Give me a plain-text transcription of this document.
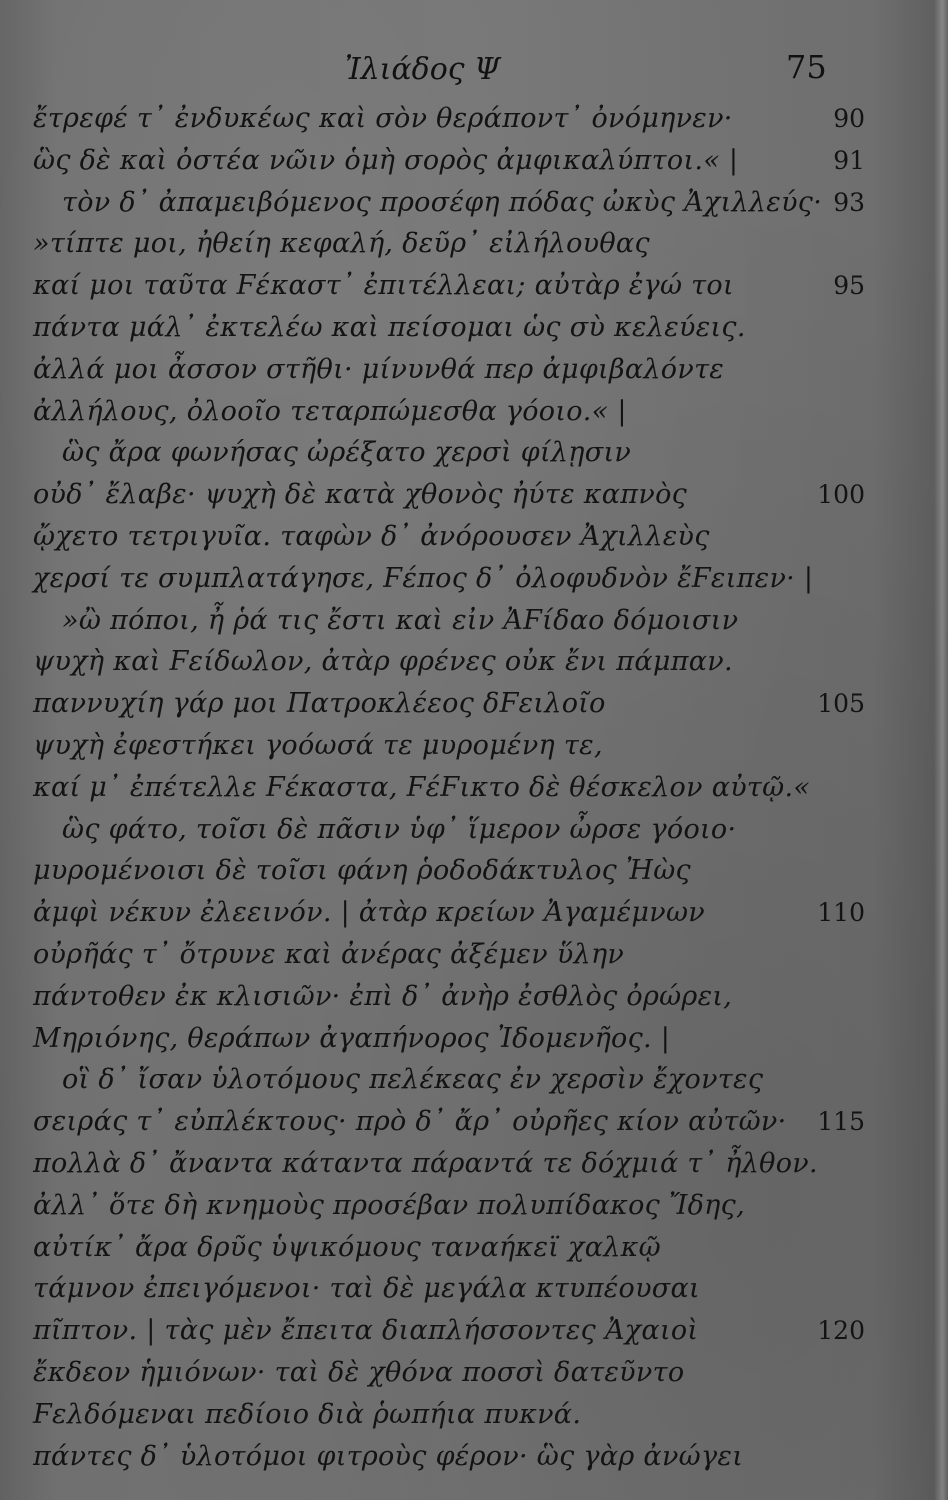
Ἰλιάδος Ψ	75
ἔτρεφέ τ᾽ ἐνδυκέως καὶ σὸν θεράποντ᾽ ὀνόμηνεν·	90
ὣς δὲ καὶ ὀστέα νῶιν ὁμὴ σορὸς ἀμφικαλύπτοι.« |	91
τὸν δ᾽ ἀπαμειβόμενος προσέφη πόδας ὠκὺς Ἀχιλλεύς· 93
»τίπτε μοι, ἠθείη κεφαλή, δεῦρ᾽ εἰλήλουθας
καί μοι ταῦτα Ϝέκαστ᾽ ἐπιτέλλεαι; αὐτὰρ ἐγώ τοι	95
πάντα μάλ᾽ ἐκτελέω καὶ πείσομαι ὡς σὺ κελεύεις.
ἀλλά μοι ἆσσον στῆθι· μίνυνθά περ ἀμφιβαλόντε
ἀλλήλους, ὀλοοῖο τεταρπώμεσθα γόοιο.« |
ὣς ἄρα φωνήσας ὠρέξατο χερσὶ φίλῃσιν
οὐδ᾽ ἔλαβε· ψυχὴ δὲ κατὰ χθονὸς ἠύτε καπνὸς	100
ᾤχετο τετριγυῖα. ταφὼν δ᾽ ἀνόρουσεν Ἀχιλλεὺς
χερσί τε συμπλατάγησε, Ϝέπος δ᾽ ὀλοφυδνὸν ἔϜειπεν· |
»ὢ πόποι, ἦ ῥά τις ἔστι καὶ εἰν ἈϜίδαο δόμοισιν
ψυχὴ καὶ Ϝείδωλον, ἀτὰρ φρένες οὐκ ἔνι πάμπαν.
παννυχίη γάρ μοι Πατροκλέεος δϜειλοῖο	105
ψυχὴ ἐφεστήκει γοόωσά τε μυρομένη τε,
καί μ᾽ ἐπέτελλε Ϝέκαστα, ϜέϜικτο δὲ θέσκελον αὐτῷ.«
ὣς φάτο, τοῖσι δὲ πᾶσιν ὑφ᾽ ἵμερον ὦρσε γόοιο·
μυρομένοισι δὲ τοῖσι φάνη ῥοδοδάκτυλος Ἠὼς
ἀμφὶ νέκυν ἐλεεινόν. | ἀτὰρ κρείων Ἀγαμέμνων	110
οὐρῆάς τ᾽ ὄτρυνε καὶ ἀνέρας ἀξέμεν ὕλην
πάντοθεν ἐκ κλισιῶν· ἐπὶ δ᾽ ἀνὴρ ἐσθλὸς ὀρώρει,
Μηριόνης, θεράπων ἀγαπήνορος Ἰδομενῆος. |
οἳ δ᾽ ἴσαν ὑλοτόμους πελέκεας ἐν χερσὶν ἔχοντες
σειράς τ᾽ εὐπλέκτους· πρὸ δ᾽ ἄρ᾽ οὐρῆες κίον αὐτῶν·	115
πολλὰ δ᾽ ἄναντα κάταντα πάραντά τε δόχμιά τ᾽ ἦλθον.
ἀλλ᾽ ὅτε δὴ κνημοὺς προσέβαν πολυπίδακος Ἴδης,
αὐτίκ᾽ ἄρα δρῦς ὑψικόμους ταναήκεϊ χαλκῷ
τάμνον ἐπειγόμενοι· ταὶ δὲ μεγάλα κτυπέουσαι
πῖπτον. | τὰς μὲν ἔπειτα διαπλήσσοντες Ἀχαιοὶ	120
ἔκδεον ἡμιόνων· ταὶ δὲ χθόνα ποσσὶ δατεῦντο
Ϝελδόμεναι πεδίοιο διὰ ῥωπήια πυκνά.
πάντες δ᾽ ὑλοτόμοι φιτροὺς φέρον· ὣς γὰρ ἀνώγει
